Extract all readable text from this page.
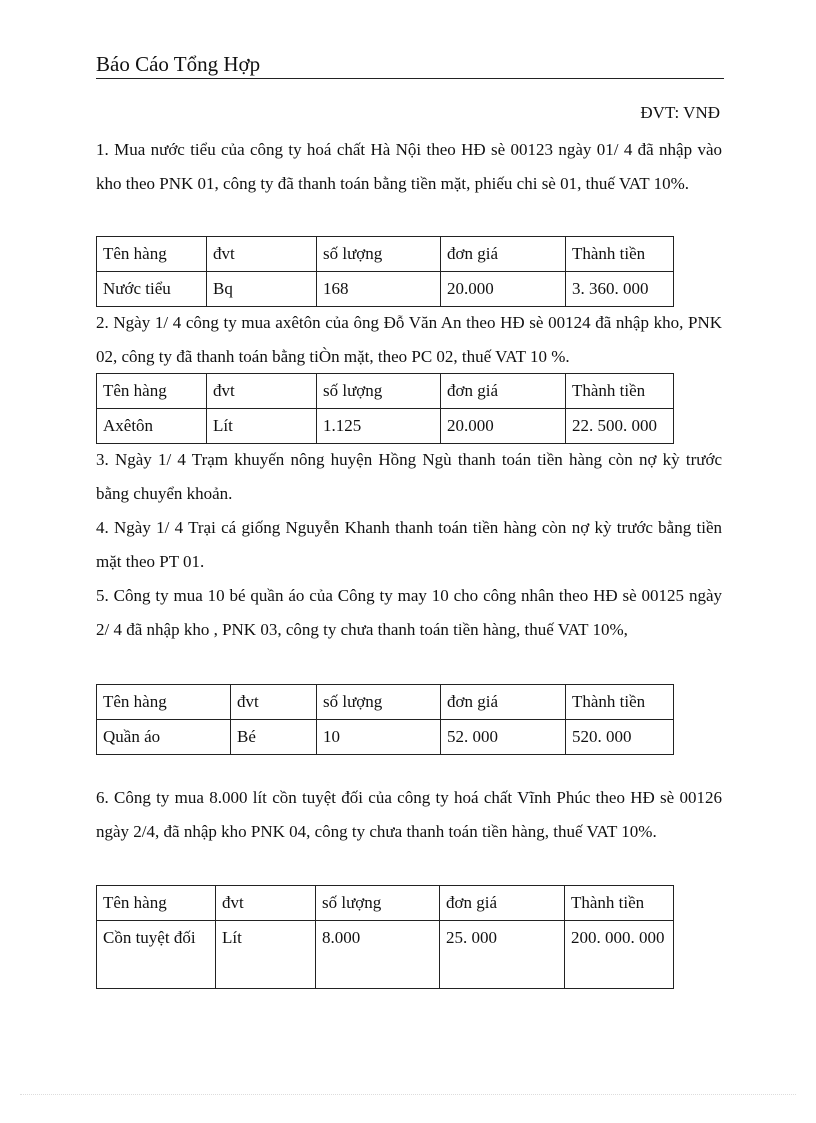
Báo Cáo Tổng Hợp
ĐVT: VNĐ

1. Mua nước tiểu của công ty hoá chất Hà Nội theo HĐ sè 00123 ngày 01/ 4 đã nhập vào kho theo PNK 01, công ty đã thanh toán bằng tiền mặt, phiếu chi sè 01, thuế VAT 10%.

Tên hàng	đvt	số lượng	đơn giá	Thành tiền
Nước tiểu	Bq	168	20.000	3. 360. 000

2. Ngày 1/ 4 công ty mua axêtôn của ông Đỗ Văn An theo HĐ sè 00124 đã nhập kho, PNK 02, công ty đã thanh toán bằng tiÒn mặt, theo PC 02, thuế VAT 10 %.

Tên hàng	đvt	số lượng	đơn giá	Thành tiền
Axêtôn	Lít	1.125	20.000	22. 500. 000

3. Ngày 1/ 4 Trạm khuyến nông huyện Hồng Ngù thanh toán tiền hàng còn nợ kỳ trước bằng chuyển khoản.

4. Ngày 1/ 4 Trại cá giống Nguyễn Khanh thanh toán tiền hàng còn nợ kỳ trước bằng tiền mặt theo PT 01.

5. Công ty mua 10 bé quần áo của Công ty may 10 cho công nhân theo HĐ sè 00125 ngày 2/ 4 đã nhập kho , PNK 03, công ty chưa thanh toán tiền hàng, thuế VAT 10%,

Tên hàng	đvt	số lượng	đơn giá	Thành tiền
Quần áo	Bé	10	52. 000	520. 000

6. Công ty mua 8.000 lít cồn tuyệt đối của công ty hoá chất Vĩnh Phúc theo HĐ sè 00126 ngày 2/4, đã nhập kho PNK 04, công ty chưa thanh toán tiền hàng, thuế VAT 10%.

Tên hàng	đvt	số lượng	đơn giá	Thành tiền
Cồn tuyệt đối	Lít	8.000	25. 000	200. 000. 000
